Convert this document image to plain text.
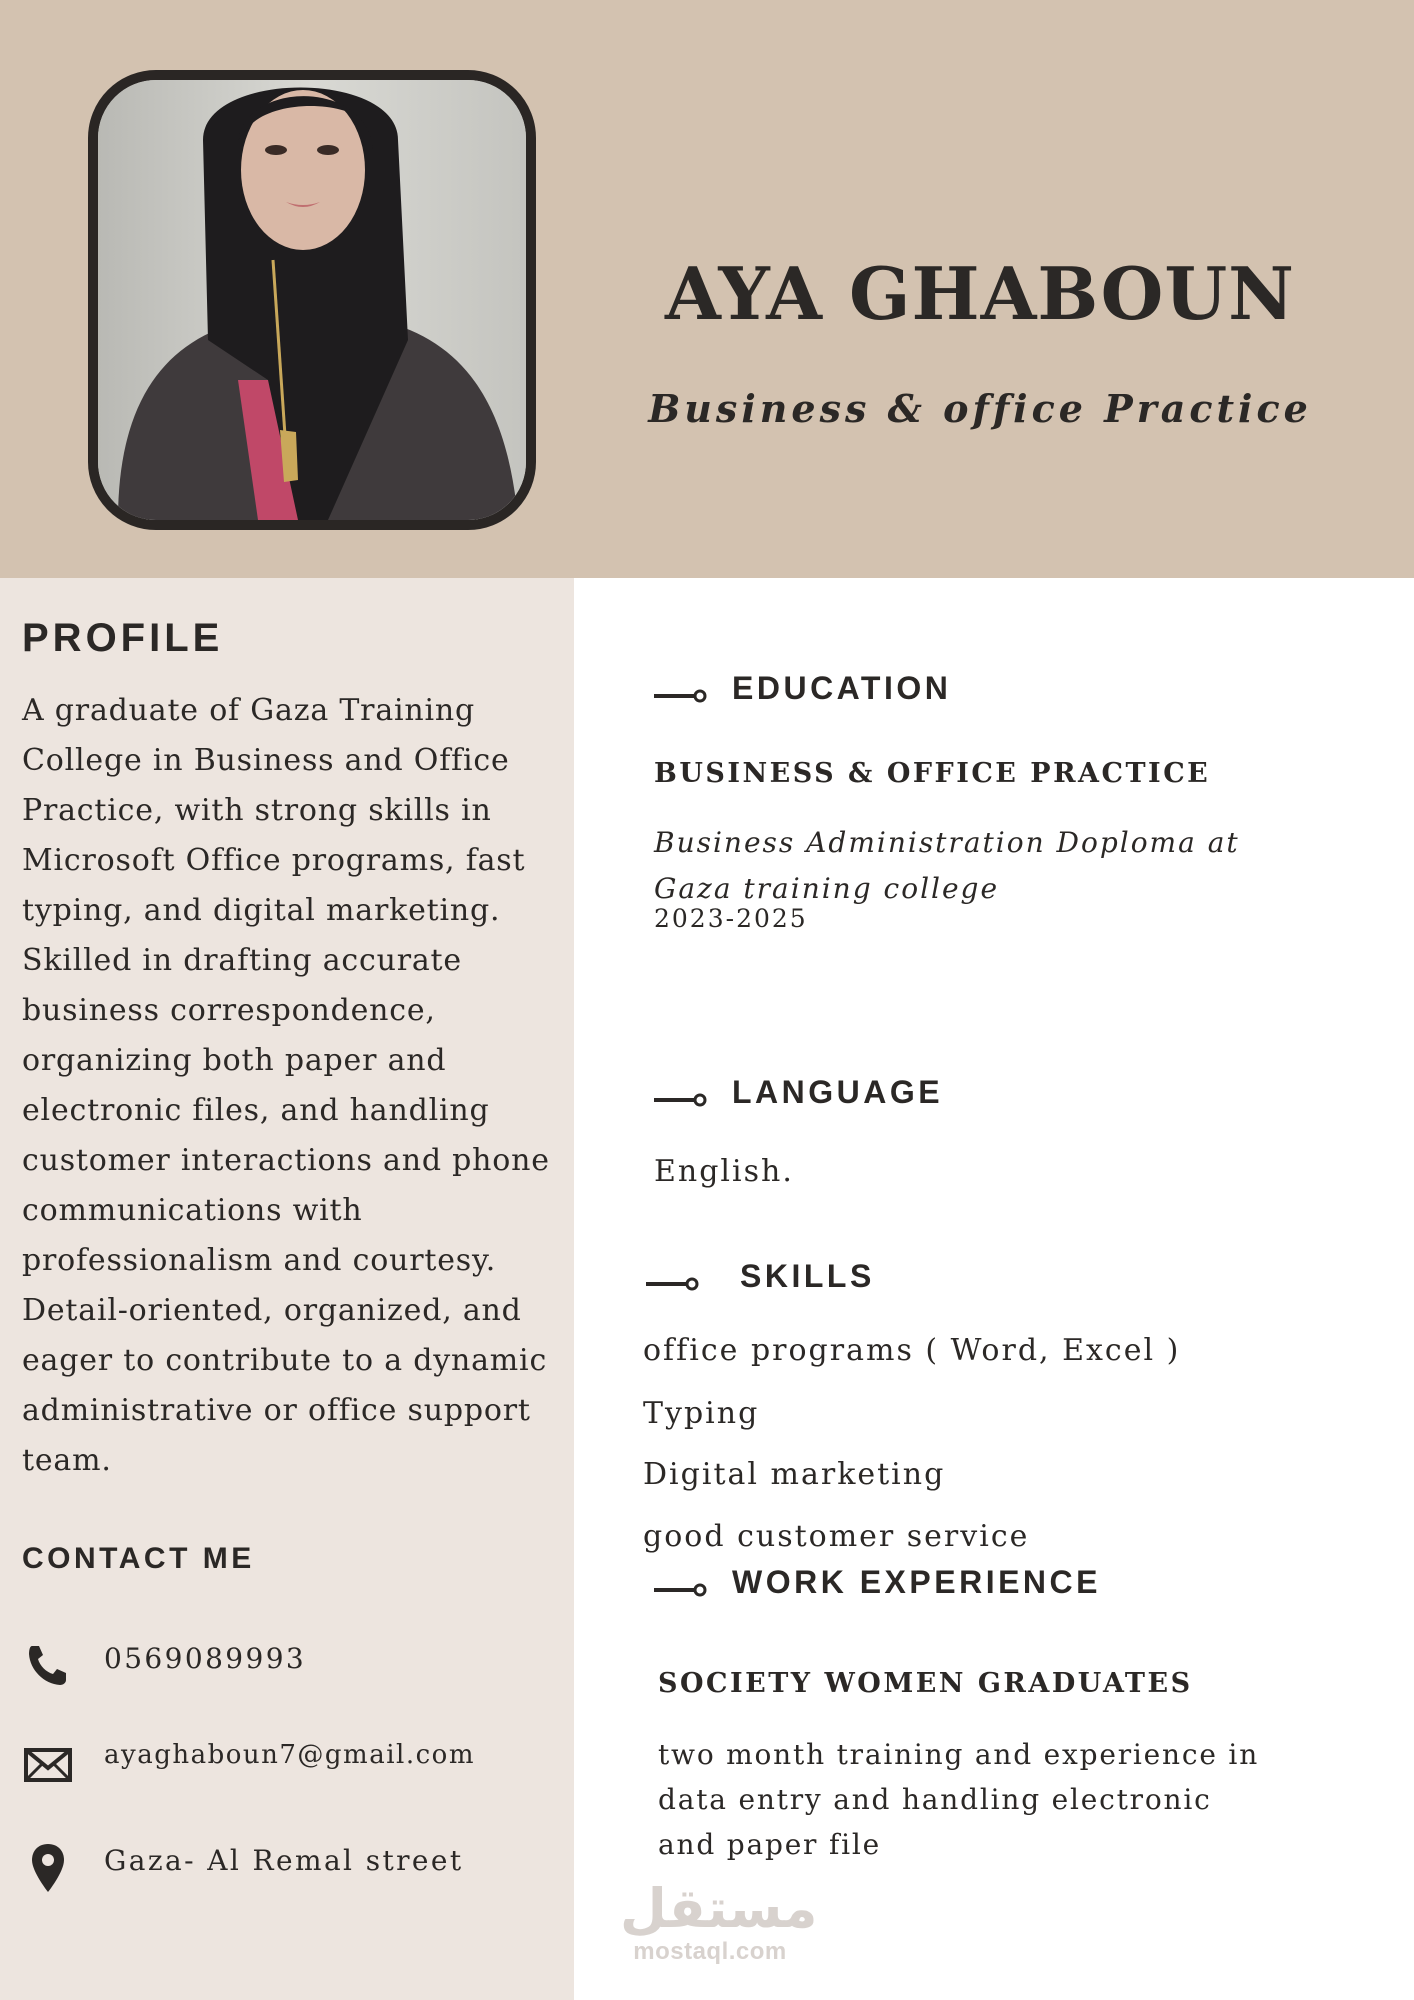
AYA GHABOUN

Business & office Practice

PROFILE

A graduate of Gaza Training College in Business and Office Practice, with strong skills in Microsoft Office programs, fast typing, and digital marketing. Skilled in drafting accurate business correspondence, organizing both paper and electronic files, and handling customer interactions and phone communications with professionalism and courtesy. Detail-oriented, organized, and eager to contribute to a dynamic administrative or office support team.

CONTACT ME
0569089993
ayaghaboun7@gmail.com
Gaza- Al Remal street
EDUCATION

BUSINESS & OFFICE PRACTICE

Business Administration Doploma at Gaza training college

2023-2025

LANGUAGE

English.

SKILLS

office programs ( Word, Excel )

Typing

Digital marketing

good customer service

WORK EXPERIENCE

SOCIETY WOMEN GRADUATES

two month training and experience in data entry and handling electronic and paper file

مستقل
mostaql.com
